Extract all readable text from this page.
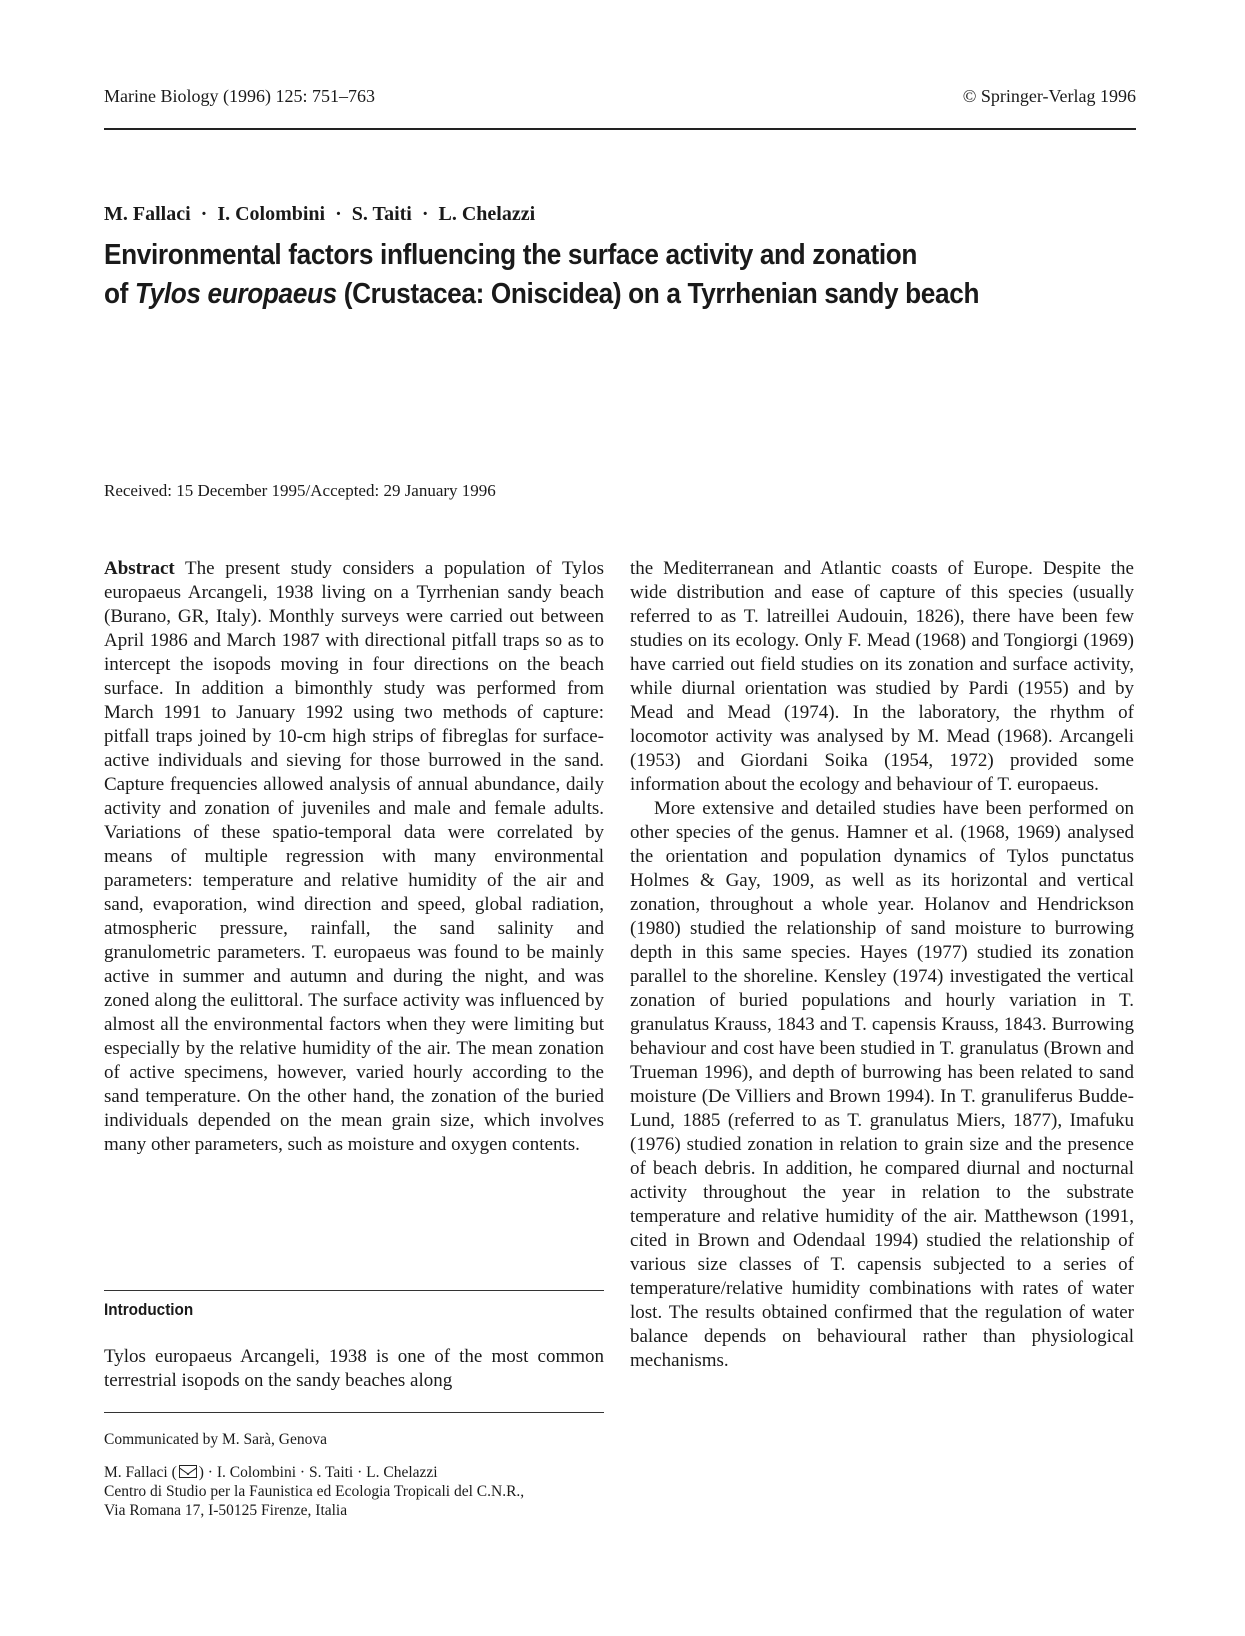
Marine Biology (1996) 125: 751–763	© Springer-Verlag 1996
M. Fallaci · I. Colombini · S. Taiti · L. Chelazzi
Environmental factors influencing the surface activity and zonation
of Tylos europaeus (Crustacea: Oniscidea) on a Tyrrhenian sandy beach
Received: 15 December 1995/Accepted: 29 January 1996

Abstract The present study considers a population of Tylos europaeus Arcangeli, 1938 living on a Tyrrhenian sandy beach (Burano, GR, Italy). Monthly surveys were carried out between April 1986 and March 1987 with directional pitfall traps so as to intercept the isopods moving in four directions on the beach surface. In addition a bimonthly study was performed from March 1991 to January 1992 using two methods of capture: pitfall traps joined by 10-cm high strips of fibreglas for surface-active individuals and sieving for those burrowed in the sand. Capture frequencies allowed analysis of annual abundance, daily activity and zonation of juveniles and male and female adults. Variations of these spatio-temporal data were correlated by means of multiple regression with many environmental parameters: temperature and relative humidity of the air and sand, evaporation, wind direction and speed, global radiation, atmospheric pressure, rainfall, the sand salinity and granulometric parameters. T. europaeus was found to be mainly active in summer and autumn and during the night, and was zoned along the eulittoral. The surface activity was influenced by almost all the environmental factors when they were limiting but especially by the relative humidity of the air. The mean zonation of active specimens, however, varied hourly according to the sand temperature. On the other hand, the zonation of the buried individuals depended on the mean grain size, which involves many other parameters, such as moisture and oxygen contents.

Introduction

Tylos europaeus Arcangeli, 1938 is one of the most common terrestrial isopods on the sandy beaches along

Communicated by M. Sarà, Genova
M. Fallaci ( ) · I. Colombini · S. Taiti · L. Chelazzi
Centro di Studio per la Faunistica ed Ecologia Tropicali del C.N.R.,
Via Romana 17, I-50125 Firenze, Italia

the Mediterranean and Atlantic coasts of Europe. Despite the wide distribution and ease of capture of this species (usually referred to as T. latreillei Audouin, 1826), there have been few studies on its ecology. Only F. Mead (1968) and Tongiorgi (1969) have carried out field studies on its zonation and surface activity, while diurnal orientation was studied by Pardi (1955) and by Mead and Mead (1974). In the laboratory, the rhythm of locomotor activity was analysed by M. Mead (1968). Arcangeli (1953) and Giordani Soika (1954, 1972) provided some information about the ecology and behaviour of T. europaeus.

More extensive and detailed studies have been performed on other species of the genus. Hamner et al. (1968, 1969) analysed the orientation and population dynamics of Tylos punctatus Holmes & Gay, 1909, as well as its horizontal and vertical zonation, throughout a whole year. Holanov and Hendrickson (1980) studied the relationship of sand moisture to burrowing depth in this same species. Hayes (1977) studied its zonation parallel to the shoreline. Kensley (1974) investigated the vertical zonation of buried populations and hourly variation in T. granulatus Krauss, 1843 and T. capensis Krauss, 1843. Burrowing behaviour and cost have been studied in T. granulatus (Brown and Trueman 1996), and depth of burrowing has been related to sand moisture (De Villiers and Brown 1994). In T. granuliferus Budde-Lund, 1885 (referred to as T. granulatus Miers, 1877), Imafuku (1976) studied zonation in relation to grain size and the presence of beach debris. In addition, he compared diurnal and nocturnal activity throughout the year in relation to the substrate temperature and relative humidity of the air. Matthewson (1991, cited in Brown and Odendaal 1994) studied the relationship of various size classes of T. capensis subjected to a series of temperature/relative humidity combinations with rates of water lost. The results obtained confirmed that the regulation of water balance depends on behavioural rather than physiological mechanisms.
